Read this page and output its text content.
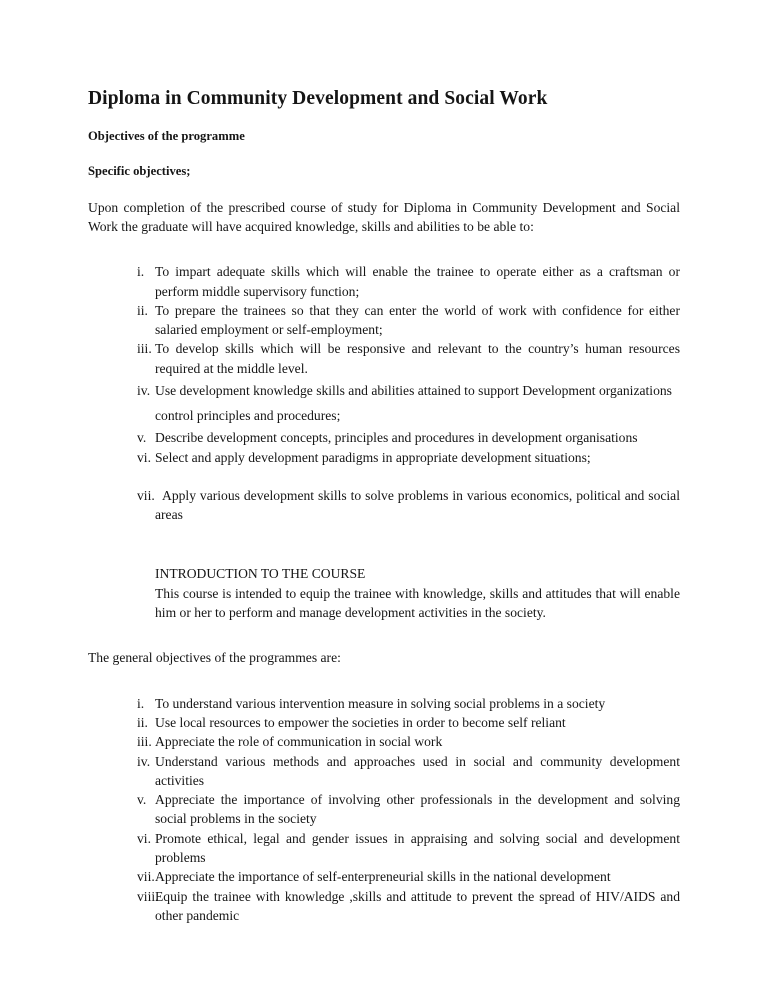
Diploma in Community Development and Social Work

Objectives of the programme

Specific objectives;

Upon completion of the prescribed course of study for Diploma in Community Development and Social Work the graduate will have acquired knowledge, skills and abilities to be able to:

i. To impart adequate skills which will enable the trainee to operate either as a craftsman or perform middle supervisory function;
ii. To prepare the trainees so that they can enter the world of work with confidence for either salaried employment or self-employment;
iii. To develop skills which will be responsive and relevant to the country’s human resources required at the middle level.
iv. Use development knowledge skills and abilities attained to support Development organizations control principles and procedures;
v. Describe development concepts, principles and procedures in development organisations
vi. Select and apply development paradigms in appropriate development situations;
vii. Apply various development skills to solve problems in various economics, political and social areas

INTRODUCTION TO THE COURSE

This course is intended to equip the trainee with knowledge, skills and attitudes that will enable him or her to perform and manage development activities in the society.

The general objectives of the programmes are:

i. To understand various intervention measure in solving social problems in a society
ii. Use local resources to empower the societies in order to become self reliant
iii. Appreciate the role of communication in social work
iv. Understand various methods and approaches used in social and community development activities
v. Appreciate the importance of involving other professionals in the development and solving social problems in the society
vi. Promote ethical, legal and gender issues in appraising and solving social and development problems
vii. Appreciate the importance of self-enterpreneurial skills in the national development
viii.
Equip the trainee with knowledge ,skills and attitude to prevent the spread of HIV/AIDS and other pandemic
